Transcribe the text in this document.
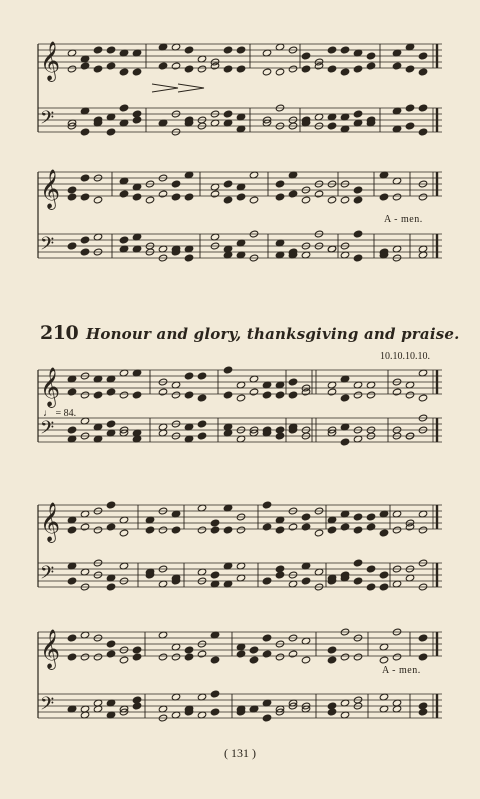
𝄞
𝄢
𝄞
𝄢
𝄞
𝄢
𝄞
𝄢
𝄞
𝄢
210 Honour and glory, thanksgiving and praise.
10.10.10.10.
♩ = 84.
A - men.
A - men.
( 131 )
